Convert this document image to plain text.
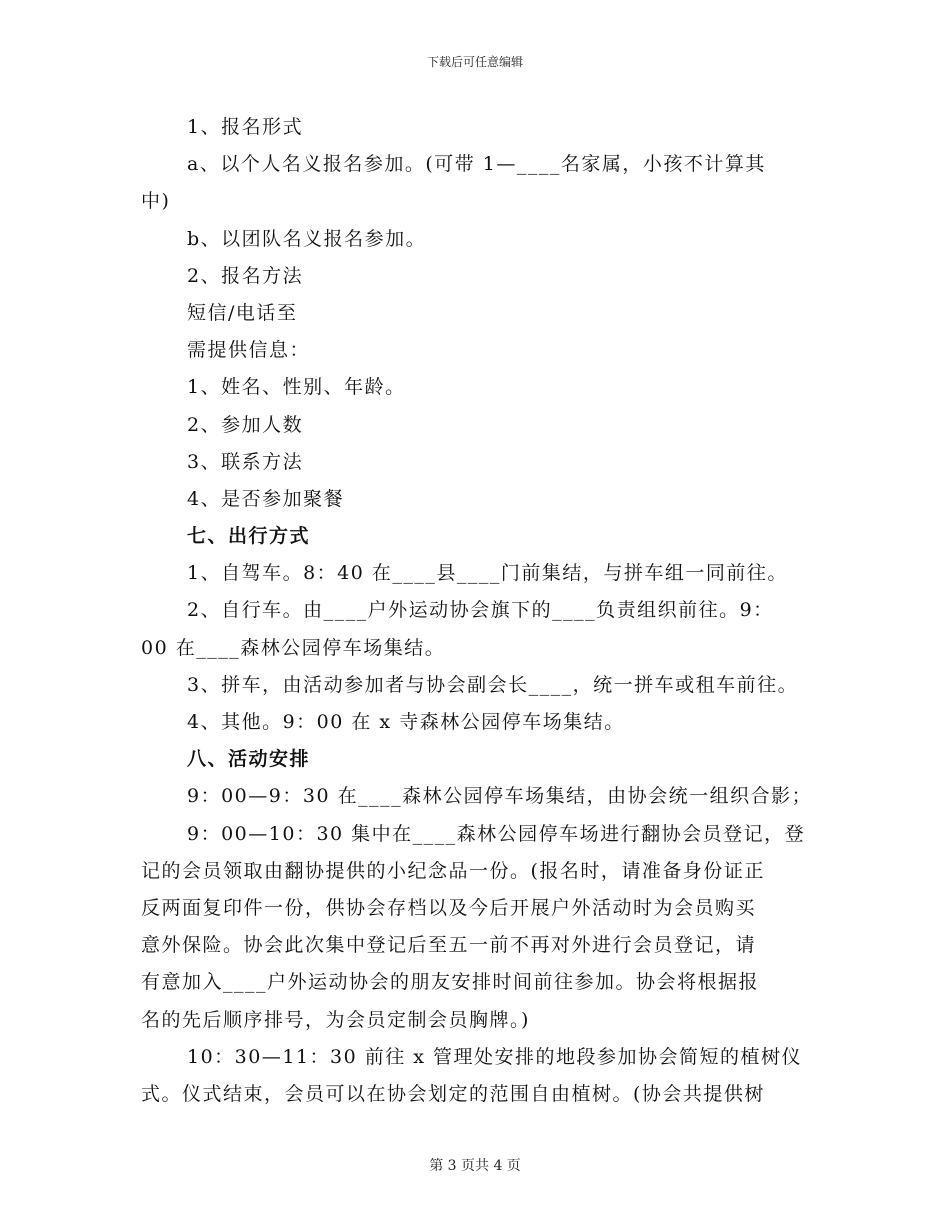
下载后可任意编辑
1、报名形式
a、以个人名义报名参加。(可带 1—____名家属，小孩不计算其
中)
b、以团队名义报名参加。
2、报名方法
短信/电话至
需提供信息：
1、姓名、性别、年龄。
2、参加人数
3、联系方法
4、是否参加聚餐
七、出行方式
1、自驾车。8：40 在____县____门前集结，与拼车组一同前往。
2、自行车。由____户外运动协会旗下的____负责组织前往。9：
00 在____森林公园停车场集结。
3、拼车，由活动参加者与协会副会长____，统一拼车或租车前往。
4、其他。9：00 在 x 寺森林公园停车场集结。
八、活动安排
9：00—9：30 在____森林公园停车场集结，由协会统一组织合影；
9：00—10：30 集中在____森林公园停车场进行翻协会员登记，登
记的会员领取由翻协提供的小纪念品一份。(报名时，请准备身份证正
反两面复印件一份，供协会存档以及今后开展户外活动时为会员购买
意外保险。协会此次集中登记后至五一前不再对外进行会员登记，请
有意加入____户外运动协会的朋友安排时间前往参加。协会将根据报
名的先后顺序排号，为会员定制会员胸牌。)
10：30—11：30 前往 x 管理处安排的地段参加协会简短的植树仪
式。仪式结束，会员可以在协会划定的范围自由植树。(协会共提供树
第 3 页共 4 页
